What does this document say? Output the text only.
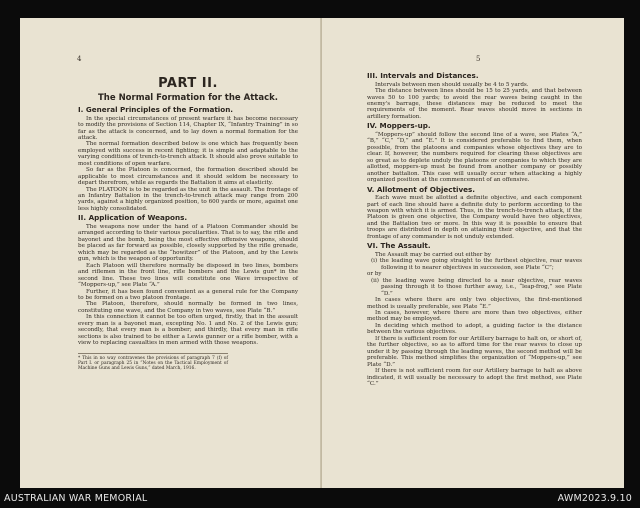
4
PART II.
The Normal Formation for the Attack.
I. General Principles of the Formation.

In the special circumstances of present warfare it has become necessary to modify the provisions of Section 114, Chapter IX, “Infantry Training” in so far as the attack is concerned, and to lay down a normal formation for the attack.

The normal formation described below is one which has frequently been employed with success in recent fighting; it is simple and adaptable to the varying conditions of trench-to-trench attack. It should also prove suitable to most conditions of open warfare.

So far as the Platoon is concerned, the formation described should be applicable to most circumstances and it should seldom be necessary to depart therefrom, while as regards the Battalion it aims at elasticity.

The PLATOON is to be regarded as the unit in the assault. The frontage of an Infantry Battalion in the trench-to-trench attack may range from 200 yards, against a highly organized position, to 600 yards or more, against one less highly consolidated.

II. Application of Weapons.

The weapons now under the hand of a Platoon Commander should be arranged according to their various peculiarities. That is to say, the rifle and bayonet and the bomb, being the most effective offensive weapons, should be placed as far forward as possible, closely supported by the rifle grenade, which may be regarded as the “howitzer” of the Platoon, and by the Lewis gun, which is the weapon of opportunity.

Each Platoon will therefore normally be disposed in two lines, bombers and riflemen in the front line, rifle bombers and the Lewis gun* in the second line. These two lines will constitute one Wave irrespective of “Moppers-up,” see Plate “A.”

Further, it has been found convenient as a general rule for the Company to be formed on a two platoon frontage.

The Platoon, therefore, should normally be formed in two lines, constituting one wave, and the Company in two waves, see Plate “B.”

In this connection it cannot be too often urged, firstly, that in the assault every man is a bayonet man, excepting No. 1 and No. 2 of the Lewis gun; secondly, that every man is a bomber; and thirdly, that every man in rifle sections is also trained to be either a Lewis gunner or a rifle bomber, with a view to replacing casualties in men armed with those weapons.

* This in no way contravenes the provisions of paragraph 7 (f) of Part I. or paragraph 25 in “Notes on the Tactical Employment of Machine Guns and Lewis Guns,” dated March, 1916.
5
III. Intervals and Distances.

Intervals between men should usually be 4 to 5 yards.

The distance between lines should be 15 to 25 yards, and that between waves 50 to 100 yards; to avoid the rear waves being caught in the enemy's barrage, these distances may be reduced to meet the requirements of the moment. Rear waves should move in sections in artillery formation.

IV. Moppers-up.

“Moppers-up” should follow the second line of a wave, see Plates “A,” “B,” “C,” “D,” and “E.” It is considered preferable to find them, when possible, from the platoons and companies whose objectives they are to clear. If, however, the numbers required for clearing these objectives are so great as to deplete unduly the platoons or companies to which they are allotted, moppers-up must be found from another company or possibly another battalion. This case will usually occur when attacking a highly organized position at the commencement of an offensive.

V. Allotment of Objectives.

Each wave must be allotted a definite objective, and each component part of each line should have a definite duty to perform according to the weapon with which it is armed. Thus, in the trench-to-trench attack, if the Platoon is given one objective, the Company would have two objectives, and the Battalion two or more. In this way it is possible to ensure that troops are distributed in depth on attaining their objective, and that the frontage of any commander is not unduly extended.

VI. The Assault.

The Assault may be carried out either by

(i) the leading wave going straight to the furthest objective, rear waves following it to nearer objectives in succession, see Plate “C”;

or by

(ii) the leading wave being directed to a near objective, rear waves passing through it to those further away, i.e., “leap-frog,” see Plate “D.”

In cases where there are only two objectives, the first-mentioned method is usually preferable, see Plate “E.”

In cases, however, where there are more than two objectives, either method may be employed.

In deciding which method to adopt, a guiding factor is the distance between the various objectives.

If there is sufficient room for our Artillery barrage to halt on, or short of, the further objective, so as to afford time for the rear waves to close up under it by passing through the leading waves, the second method will be preferable. This method simplifies the organization of “Moppers-up,” see Plate “D.”

If there is not sufficient room for our Artillery barrage to halt as above indicated, it will usually be necessary to adopt the first method, see Plate “C.”

AUSTRALIAN WAR MEMORIAL	AWM2023.9.10
